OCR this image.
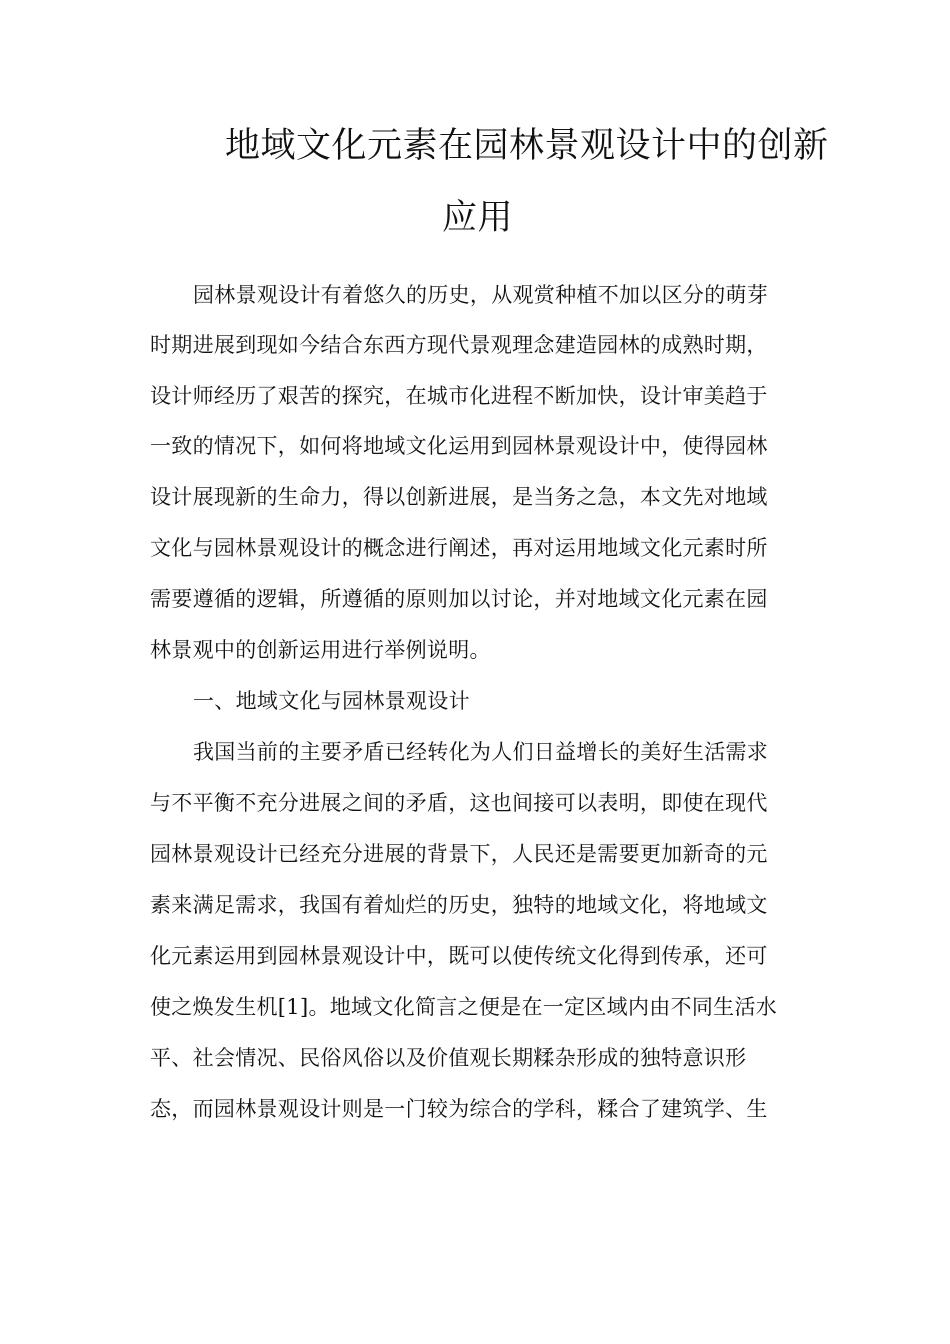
地域文化元素在园林景观设计中的创新
应用
园林景观设计有着悠久的历史，从观赏种植不加以区分的萌芽
时期进展到现如今结合东西方现代景观理念建造园林的成熟时期，
设计师经历了艰苦的探究，在城市化进程不断加快，设计审美趋于
一致的情况下，如何将地域文化运用到园林景观设计中，使得园林
设计展现新的生命力，得以创新进展，是当务之急，本文先对地域
文化与园林景观设计的概念进行阐述，再对运用地域文化元素时所
需要遵循的逻辑，所遵循的原则加以讨论，并对地域文化元素在园
林景观中的创新运用进行举例说明。
一、地域文化与园林景观设计
我国当前的主要矛盾已经转化为人们日益增长的美好生活需求
与不平衡不充分进展之间的矛盾，这也间接可以表明，即使在现代
园林景观设计已经充分进展的背景下，人民还是需要更加新奇的元
素来满足需求，我国有着灿烂的历史，独特的地域文化，将地域文
化元素运用到园林景观设计中，既可以使传统文化得到传承，还可
使之焕发生机[1]。地域文化简言之便是在一定区域内由不同生活水
平、社会情况、民俗风俗以及价值观长期糅杂形成的独特意识形
态，而园林景观设计则是一门较为综合的学科，糅合了建筑学、生
